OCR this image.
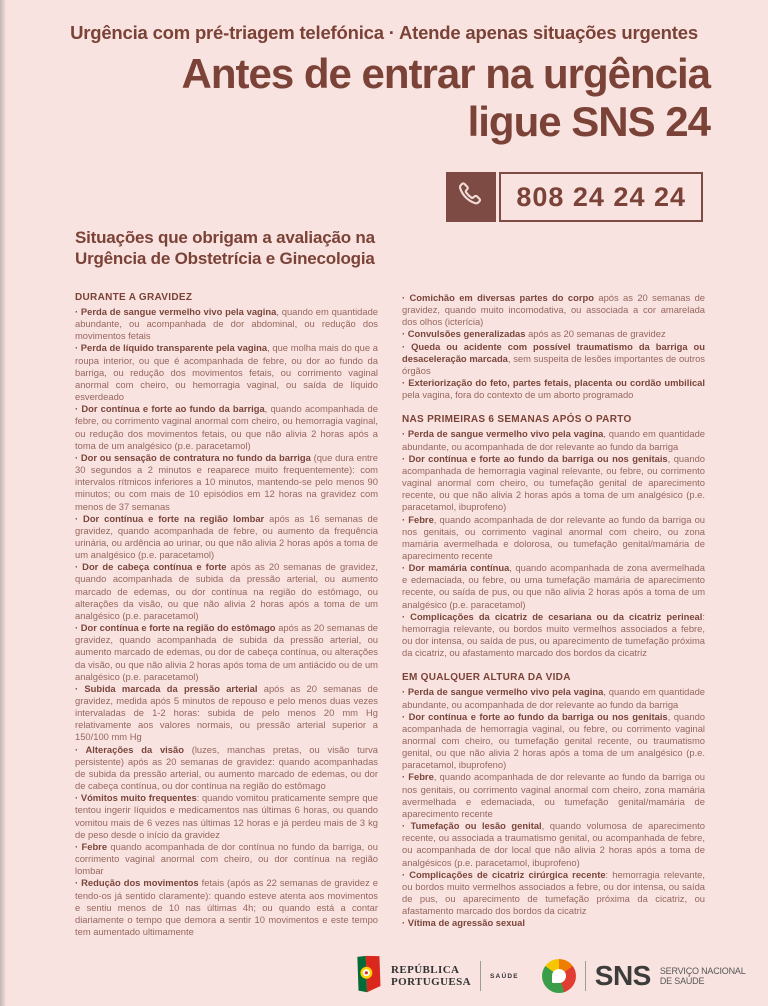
Urgência com pré-triagem telefónica · Atende apenas situações urgentes
Antes de entrar na urgência
ligue SNS 24
808 24 24 24
Situações que obrigam a avaliação na Urgência de Obstetrícia e Ginecologia
DURANTE A GRAVIDEZ

· Perda de sangue vermelho vivo pela vagina, quando em quantidade abundante, ou acompanhada de dor abdominal, ou redução dos movimentos fetais

· Perda de líquido transparente pela vagina, que molha mais do que a roupa interior, ou que é acompanhada de febre, ou dor ao fundo da barriga, ou redução dos movimentos fetais, ou corrimento vaginal anormal com cheiro, ou hemorragia vaginal, ou saída de líquido esverdeado

· Dor contínua e forte ao fundo da barriga, quando acompanhada de febre, ou corrimento vaginal anormal com cheiro, ou hemorragia vaginal, ou redução dos movimentos fetais, ou que não alivia 2 horas após a toma de um analgésico (p.e. paracetamol)

· Dor ou sensação de contratura no fundo da barriga (que dura entre 30 segundos a 2 minutos e reaparece muito frequentemente): com intervalos rítmicos inferiores a 10 minutos, mantendo-se pelo menos 90 minutos; ou com mais de 10 episódios em 12 horas na gravidez com menos de 37 semanas

· Dor contínua e forte na região lombar após as 16 semanas de gravidez, quando acompanhada de febre, ou aumento da frequência urinária, ou ardência ao urinar, ou que não alivia 2 horas após a toma de um analgésico (p.e. paracetamol)

· Dor de cabeça contínua e forte após as 20 semanas de gravidez, quando acompanhada de subida da pressão arterial, ou aumento marcado de edemas, ou dor contínua na região do estômago, ou alterações da visão, ou que não alivia 2 horas após a toma de um analgésico (p.e. paracetamol)

· Dor contínua e forte na região do estômago após as 20 semanas de gravidez, quando acompanhada de subida da pressão arterial, ou aumento marcado de edemas, ou dor de cabeça contínua, ou alterações da visão, ou que não alivia 2 horas após toma de um antiácido ou de um analgésico (p.e. paracetamol)

· Subida marcada da pressão arterial após as 20 semanas de gravidez, medida após 5 minutos de repouso e pelo menos duas vezes intervaladas de 1-2 horas: subida de pelo menos 20 mm Hg relativamente aos valores normais, ou pressão arterial superior a 150/100 mm Hg

· Alterações da visão (luzes, manchas pretas, ou visão turva persistente) após as 20 semanas de gravidez: quando acompanhadas de subida da pressão arterial, ou aumento marcado de edemas, ou dor de cabeça contínua, ou dor contínua na região do estômago

· Vómitos muito frequentes: quando vomitou praticamente sempre que tentou ingerir líquidos e medicamentos nas últimas 6 horas, ou quando vomitou mais de 6 vezes nas últimas 12 horas e já perdeu mais de 3 kg de peso desde o início da gravidez

· Febre quando acompanhada de dor contínua no fundo da barriga, ou corrimento vaginal anormal com cheiro, ou dor contínua na região lombar

· Redução dos movimentos fetais (após as 22 semanas de gravidez e tendo-os já sentido claramente): quando esteve atenta aos movimentos e sentiu menos de 10 nas últimas 4h; ou quando está a contar diariamente o tempo que demora a sentir 10 movimentos e este tempo tem aumentado ultimamente

· Comichão em diversas partes do corpo após as 20 semanas de gravidez, quando muito incomodativa, ou associada a cor amarelada dos olhos (icterícia)

· Convulsões generalizadas após as 20 semanas de gravidez

· Queda ou acidente com possível traumatismo da barriga ou desaceleração marcada, sem suspeita de lesões importantes de outros órgãos

· Exteriorização do feto, partes fetais, placenta ou cordão umbilical pela vagina, fora do contexto de um aborto programado

NAS PRIMEIRAS 6 SEMANAS APÓS O PARTO

· Perda de sangue vermelho vivo pela vagina, quando em quantidade abundante, ou acompanhada de dor relevante ao fundo da barriga

· Dor contínua e forte ao fundo da barriga ou nos genitais, quando acompanhada de hemorragia vaginal relevante, ou febre, ou corrimento vaginal anormal com cheiro, ou tumefação genital de aparecimento recente, ou que não alivia 2 horas após a toma de um analgésico (p.e. paracetamol, ibuprofeno)

· Febre, quando acompanhada de dor relevante ao fundo da barriga ou nos genitais, ou corrimento vaginal anormal com cheiro, ou zona mamária avermelhada e dolorosa, ou tumefação genital/mamária de aparecimento recente

· Dor mamária contínua, quando acompanhada de zona avermelhada e edemaciada, ou febre, ou uma tumefação mamária de aparecimento recente, ou saída de pus, ou que não alivia 2 horas após a toma de um analgésico (p.e. paracetamol)

· Complicações da cicatriz de cesariana ou da cicatriz perineal: hemorragia relevante, ou bordos muito vermelhos associados a febre, ou dor intensa, ou saída de pus, ou aparecimento de tumefação próxima da cicatriz, ou afastamento marcado dos bordos da cicatriz

EM QUALQUER ALTURA DA VIDA

· Perda de sangue vermelho vivo pela vagina, quando em quantidade abundante, ou acompanhada de dor relevante ao fundo da barriga

· Dor contínua e forte ao fundo da barriga ou nos genitais, quando acompanhada de hemorragia vaginal, ou febre, ou corrimento vaginal anormal com cheiro, ou tumefação genital recente, ou traumatismo genital, ou que não alivia 2 horas após a toma de um analgésico (p.e. paracetamol, ibuprofeno)

· Febre, quando acompanhada de dor relevante ao fundo da barriga ou nos genitais, ou corrimento vaginal anormal com cheiro, zona mamária avermelhada e edemaciada, ou tumefação genital/mamária de aparecimento recente

· Tumefação ou lesão genital, quando volumosa de aparecimento recente, ou associada a traumatismo genital, ou acompanhada de febre, ou acompanhada de dor local que não alivia 2 horas após a toma de analgésicos (p.e. paracetamol, ibuprofeno)

· Complicações de cicatriz cirúrgica recente: hemorragia relevante, ou bordos muito vermelhos associados a febre, ou dor intensa, ou saída de pus, ou aparecimento de tumefação próxima da cicatriz, ou afastamento marcado dos bordos da cicatriz

· Vítima de agressão sexual

REPÚBLICA
PORTUGUESA	SAÚDE	SNS SERVIÇO NACIONAL
DE SAÚDE
